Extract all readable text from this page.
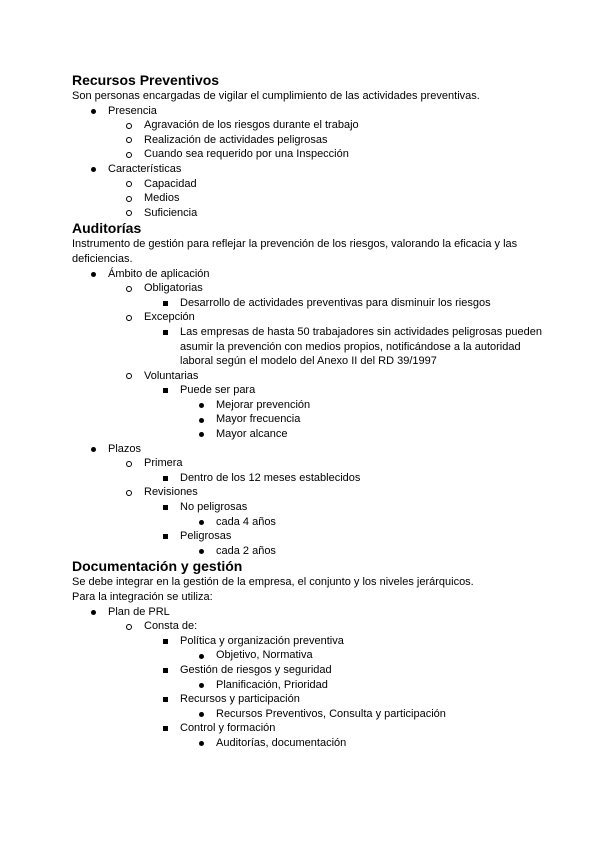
Recursos Preventivos

Son personas encargadas de vigilar el cumplimiento de las actividades preventivas.

Presencia
Agravación de los riesgos durante el trabajo
Realización de actividades peligrosas
Cuando sea requerido por una Inspección
Características
Capacidad
Medios
Suficiencia
Auditorías

Instrumento de gestión para reflejar la prevención de los riesgos, valorando la eficacia y las deficiencias.

Ámbito de aplicación
Obligatorias
Desarrollo de actividades preventivas para disminuir los riesgos
Excepción
Las empresas de hasta 50 trabajadores sin actividades peligrosas pueden asumir la prevención con medios propios, notificándose a la autoridad laboral según el modelo del Anexo II del RD 39/1997
Voluntarias
Puede ser para
Mejorar prevención
Mayor frecuencia
Mayor alcance
Plazos
Primera
Dentro de los 12 meses establecidos
Revisiones
No peligrosas
cada 4 años
Peligrosas
cada 2 años
Documentación y gestión

Se debe integrar en la gestión de la empresa, el conjunto y los niveles jerárquicos.

Para la integración se utiliza:

Plan de PRL
Consta de:
Política y organización preventiva
Objetivo, Normativa
Gestión de riesgos y seguridad
Planificación, Prioridad
Recursos y participación
Recursos Preventivos, Consulta y participación
Control y formación
Auditorías, documentación
